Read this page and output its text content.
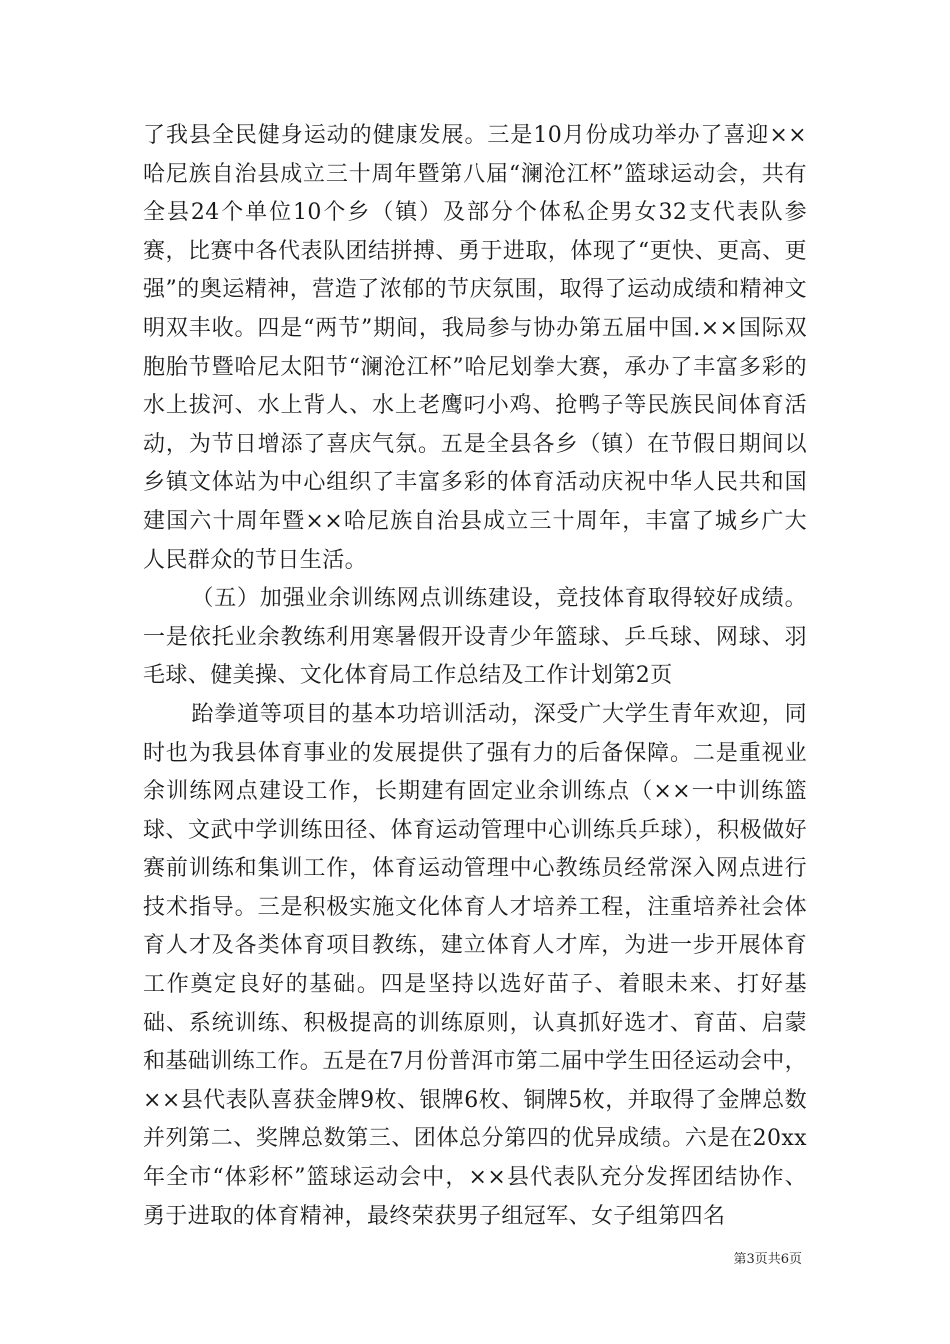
了我县全民健身运动的健康发展。三是10月份成功举办了喜迎××哈尼族自治县成立三十周年暨第八届“澜沧江杯”篮球运动会，共有全县24个单位10个乡（镇）及部分个体私企男女32支代表队参赛，比赛中各代表队团结拼搏、勇于进取，体现了“更快、更高、更强”的奥运精神，营造了浓郁的节庆氛围，取得了运动成绩和精神文明双丰收。四是“两节”期间，我局参与协办第五届中国.××国际双胞胎节暨哈尼太阳节“澜沧江杯”哈尼划拳大赛，承办了丰富多彩的水上拔河、水上背人、水上老鹰叼小鸡、抢鸭子等民族民间体育活动，为节日增添了喜庆气氛。五是全县各乡（镇）在节假日期间以乡镇文体站为中心组织了丰富多彩的体育活动庆祝中华人民共和国建国六十周年暨××哈尼族自治县成立三十周年，丰富了城乡广大人民群众的节日生活。

（五）加强业余训练网点训练建设，竞技体育取得较好成绩。一是依托业余教练利用寒暑假开设青少年篮球、乒乓球、网球、羽毛球、健美操、文化体育局工作总结及工作计划第2页

跆拳道等项目的基本功培训活动，深受广大学生青年欢迎，同时也为我县体育事业的发展提供了强有力的后备保障。二是重视业余训练网点建设工作，长期建有固定业余训练点（××一中训练篮球、文武中学训练田径、体育运动管理中心训练兵乒球），积极做好赛前训练和集训工作，体育运动管理中心教练员经常深入网点进行技术指导。三是积极实施文化体育人才培养工程，注重培养社会体育人才及各类体育项目教练，建立体育人才库，为进一步开展体育工作奠定良好的基础。四是坚持以选好苗子、着眼未来、打好基础、系统训练、积极提高的训练原则，认真抓好选才、育苗、启蒙和基础训练工作。五是在7月份普洱市第二届中学生田径运动会中，××县代表队喜获金牌9枚、银牌6枚、铜牌5枚，并取得了金牌总数并列第二、奖牌总数第三、团体总分第四的优异成绩。六是在20xx年全市“体彩杯”篮球运动会中，××县代表队充分发挥团结协作、勇于进取的体育精神，最终荣获男子组冠军、女子组第四名

第3页共6页
